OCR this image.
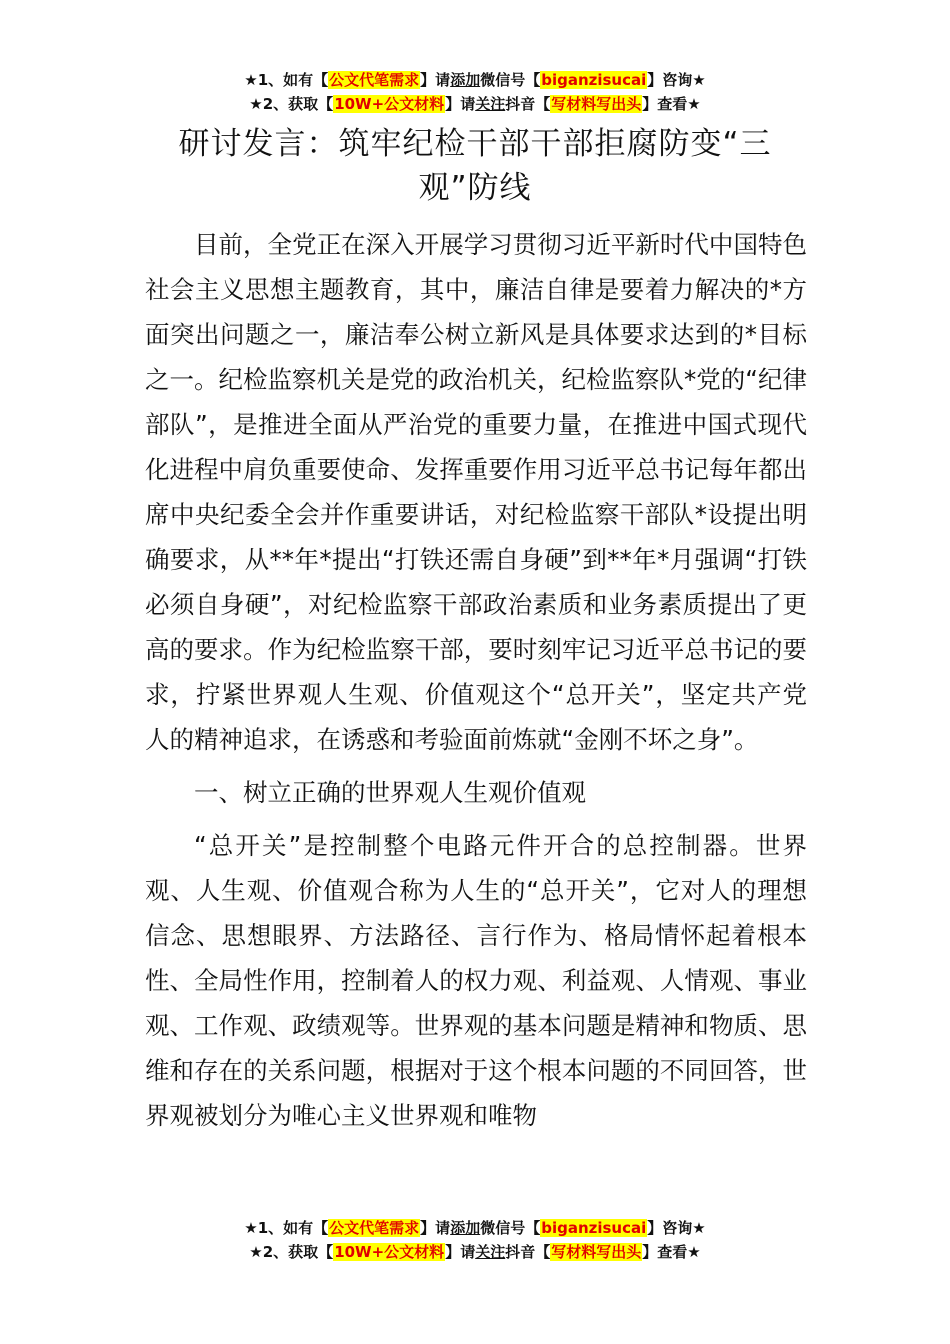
★1、如有【公文代笔需求】请添加微信号【biganzisucai】咨询★
★2、获取【10W+公文材料】请关注抖音【写材料写出头】查看★
研讨发言：筑牢纪检干部干部拒腐防变“三观”防线

目前，全党正在深入开展学习贯彻习近平新时代中国特色社会主义思想主题教育，其中，廉洁自律是要着力解决的*方面突出问题之一，廉洁奉公树立新风是具体要求达到的*目标之一。纪检监察机关是党的政治机关，纪检监察队*党的“纪律部队”，是推进全面从严治党的重要力量，在推进中国式现代化进程中肩负重要使命、发挥重要作用习近平总书记每年都出席中央纪委全会并作重要讲话，对纪检监察干部队*设提出明确要求，从**年*提出“打铁还需自身硬”到**年*月强调“打铁必须自身硬”，对纪检监察干部政治素质和业务素质提出了更高的要求。作为纪检监察干部，要时刻牢记习近平总书记的要求，拧紧世界观人生观、价值观这个“总开关”，坚定共产党人的精神追求，在诱惑和考验面前炼就“金刚不坏之身”。

一、树立正确的世界观人生观价值观

“总开关”是控制整个电路元件开合的总控制器。世界观、人生观、价值观合称为人生的“总开关”，它对人的理想信念、思想眼界、方法路径、言行作为、格局情怀起着根本性、全局性作用，控制着人的权力观、利益观、人情观、事业观、工作观、政绩观等。世界观的基本问题是精神和物质、思维和存在的关系问题，根据对于这个根本问题的不同回答，世界观被划分为唯心主义世界观和唯物

★1、如有【公文代笔需求】请添加微信号【biganzisucai】咨询★
★2、获取【10W+公文材料】请关注抖音【写材料写出头】查看★
